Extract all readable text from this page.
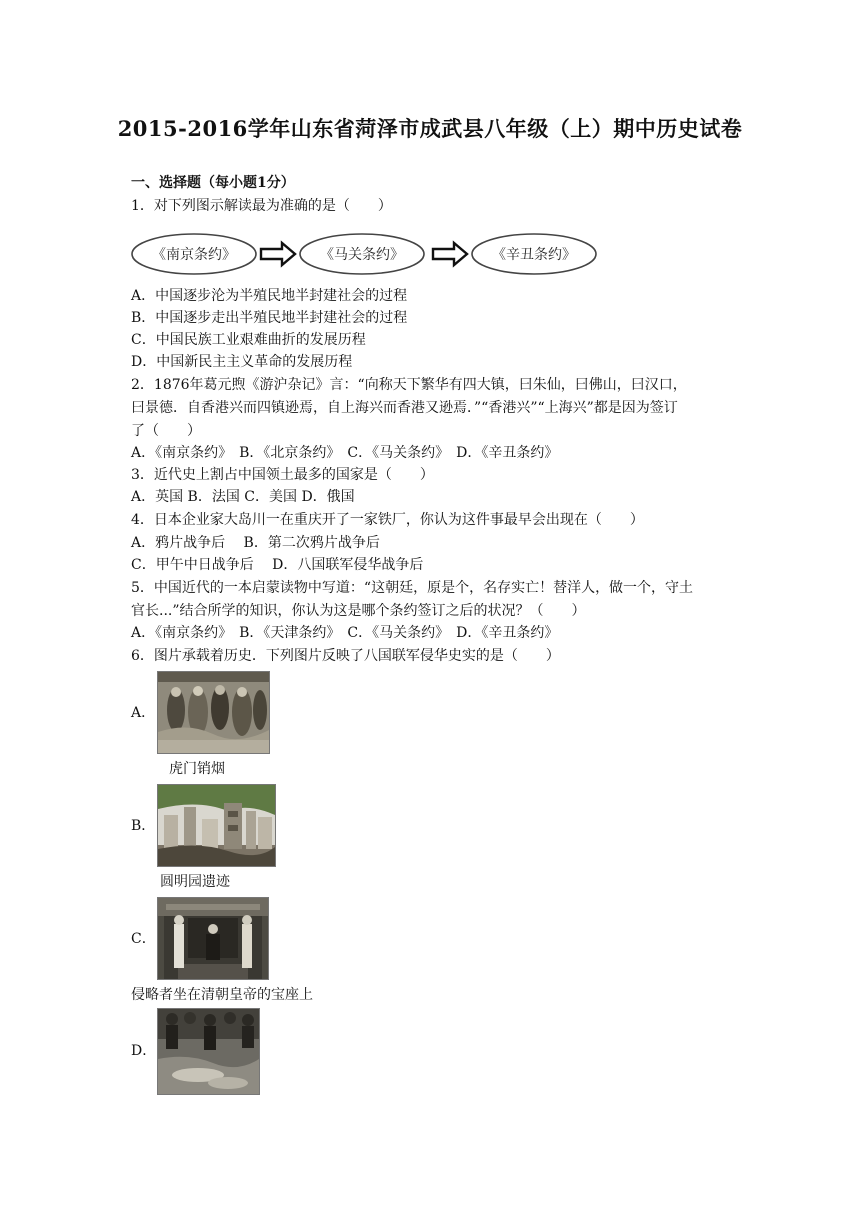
2015-2016学年山东省菏泽市成武县八年级（上）期中历史试卷
一、选择题（每小题1分）
1．对下列图示解读最为准确的是（　　）
《南京条约》	《马关条约》	《辛丑条约》
A．中国逐步沦为半殖民地半封建社会的过程
B．中国逐步走出半殖民地半封建社会的过程
C．中国民族工业艰难曲折的发展历程
D．中国新民主主义革命的发展历程
2．1876年葛元煦《游沪杂记》言：“向称天下繁华有四大镇，曰朱仙，曰佛山，曰汉口，
曰景德．自香港兴而四镇逊焉，自上海兴而香港又逊焉．”“香港兴”“上海兴”都是因为签订
了（　　）
A．《南京条约》　B．《北京条约》　C．《马关条约》　D．《辛丑条约》
3．近代史上割占中国领土最多的国家是（　　）
A．英国 B．法国 C．美国 D．俄国
4．日本企业家大岛川一在重庆开了一家铁厂，你认为这件事最早会出现在（　　）
A．鸦片战争后　 B．第二次鸦片战争后
C．甲午中日战争后　 D．八国联军侵华战争后
5．中国近代的一本启蒙读物中写道：“这朝廷，原是个，名存实亡！替洋人，做一个，守土
官长...”结合所学的知识，你认为这是哪个条约签订之后的状况？（　　）
A．《南京条约》　B．《天津条约》　C．《马关条约》　D．《辛丑条约》
6．图片承载着历史．下列图片反映了八国联军侵华史实的是（　　）
A．
虎门销烟
B．
圆明园遗迹
C．
侵略者坐在清朝皇帝的宝座上
D．
